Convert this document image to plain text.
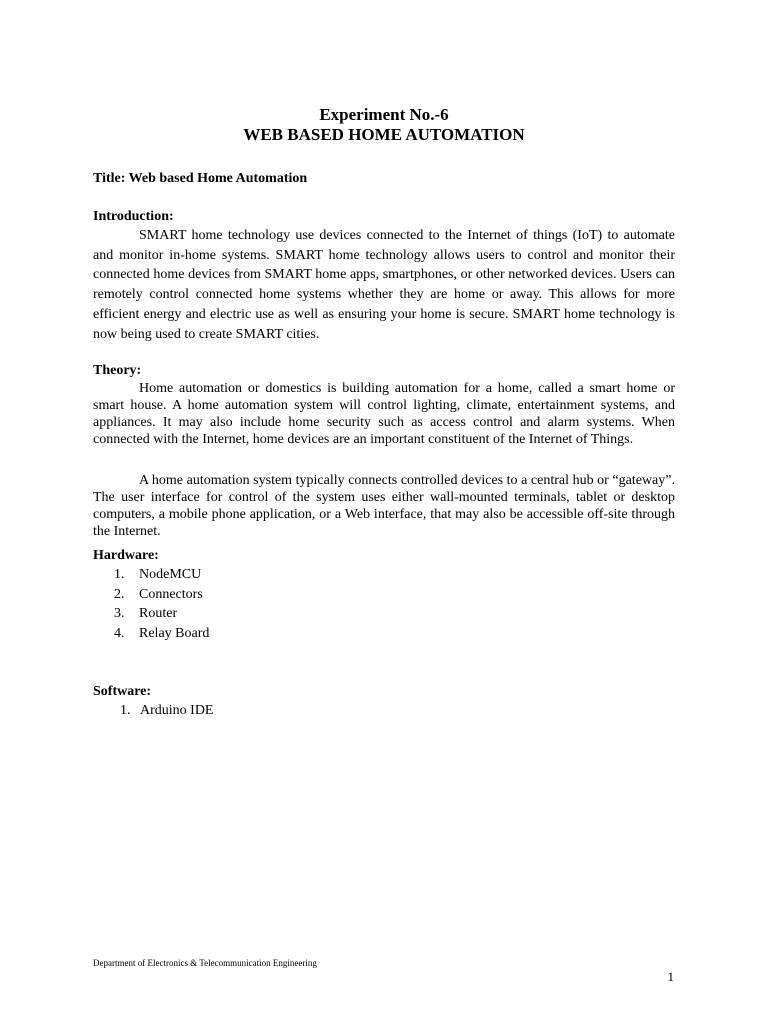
Experiment No.-6
WEB BASED HOME AUTOMATION
Title: Web based Home Automation
Introduction:

SMART home technology use devices connected to the Internet of things (IoT) to automate and monitor in-home systems. SMART home technology allows users to control and monitor their connected home devices from SMART home apps, smartphones, or other networked devices. Users can remotely control connected home systems whether they are home or away. This allows for more efficient energy and electric use as well as ensuring your home is secure. SMART home technology is now being used to create SMART cities.

Theory:

Home automation or domestics is building automation for a home, called a smart home or smart house. A home automation system will control lighting, climate, entertainment systems, and appliances. It may also include home security such as access control and alarm systems. When connected with the Internet, home devices are an important constituent of the Internet of Things.

A home automation system typically connects controlled devices to a central hub or “gateway”. The user interface for control of the system uses either wall-mounted terminals, tablet or desktop computers, a mobile phone application, or a Web interface, that may also be accessible off-site through the Internet.

Hardware:
1. NodeMCU
2. Connectors
3. Router
4. Relay Board
Software:
1. Arduino IDE
Department of Electronics & Telecommunication Engineering
1
